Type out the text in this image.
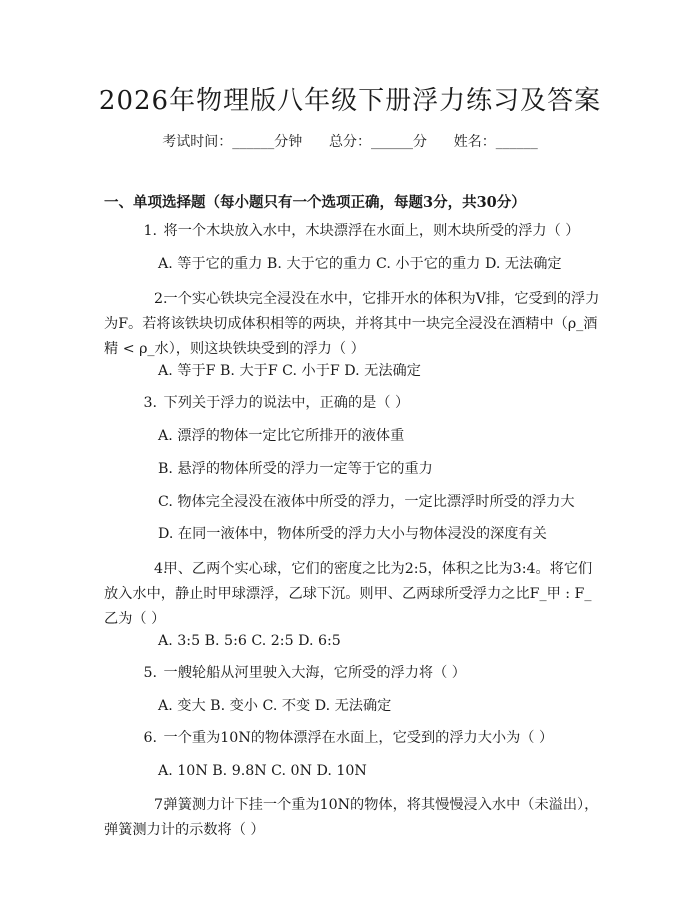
2026年物理版八年级下册浮力练习及答案
考试时间：______分钟      总分：______分      姓名：______
一、单项选择题（每小题只有一个选项正确，每题3分，共30分）
1. 将一个木块放入水中，木块漂浮在水面上，则木块所受的浮力（ ）
A. 等于它的重力 B. 大于它的重力 C. 小于它的重力 D. 无法确定
2. 一个实心铁块完全浸没在水中，它排开水的体积为V排，它受到的浮力为F。若将该铁块切成体积相等的两块，并将其中一块完全浸没在酒精中（ρ_酒精 < ρ_水），则这块铁块受到的浮力（ ）
A. 等于F B. 大于F C. 小于F D. 无法确定
3. 下列关于浮力的说法中，正确的是（ ）
A. 漂浮的物体一定比它所排开的液体重
B. 悬浮的物体所受的浮力一定等于它的重力
C. 物体完全浸没在液体中所受的浮力，一定比漂浮时所受的浮力大
D. 在同一液体中，物体所受的浮力大小与物体浸没的深度有关
4. 甲、乙两个实心球，它们的密度之比为2:5，体积之比为3:4。将它们放入水中，静止时甲球漂浮，乙球下沉。则甲、乙两球所受浮力之比F_甲 : F_乙为（ ）
A. 3:5 B. 5:6 C. 2:5 D. 6:5
5. 一艘轮船从河里驶入大海，它所受的浮力将（ ）
A. 变大 B. 变小 C. 不变 D. 无法确定
6. 一个重为10N的物体漂浮在水面上，它受到的浮力大小为（ ）
A. 10N B. 9.8N C. 0N D. 10N
7. 弹簧测力计下挂一个重为10N的物体，将其慢慢浸入水中（未溢出），弹簧测力计的示数将（ ）
